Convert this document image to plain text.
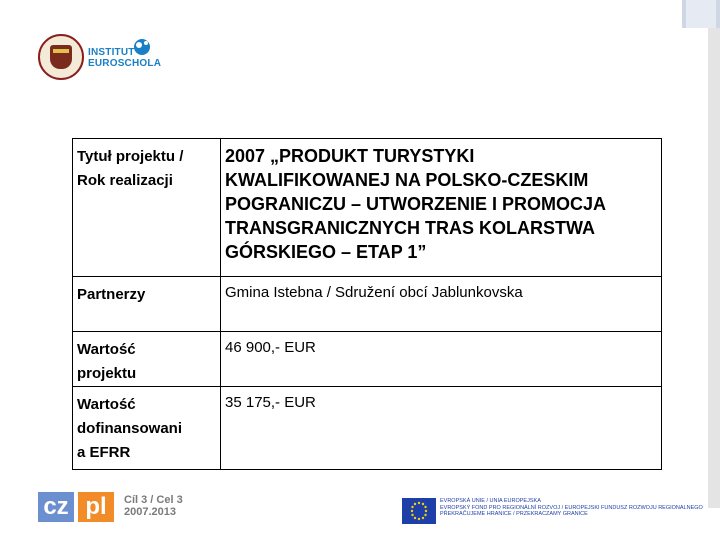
INSTITUT
EUROSCHOLA
Tytuł projektu /
Rok realizacji	2007 „PRODUKT TURYSTYKI
KWALIFIKOWANEJ NA POLSKO-CZESKIM
POGRANICZU – UTWORZENIE I PROMOCJA
TRANSGRANICZNYCH TRAS KOLARSTWA
GÓRSKIEGO – ETAP 1”

Partnerzy	Gmina Istebna / Sdružení obcí Jablunkovska

Wartość
projektu	46 900,- EUR

Wartość
dofinansowani
a EFRR	35 175,- EUR
cz pl	Cíl 3 / Cel 3
2007.2013
EVROPSKÁ UNIE / UNIA EUROPEJSKA
EVROPSKÝ FOND PRO REGIONÁLNÍ ROZVOJ / EUROPEJSKI FUNDUSZ ROZWOJU REGIONALNEGO
PŘEKRAČUJEME HRANICE / PRZEKRACZAMY GRANICE
